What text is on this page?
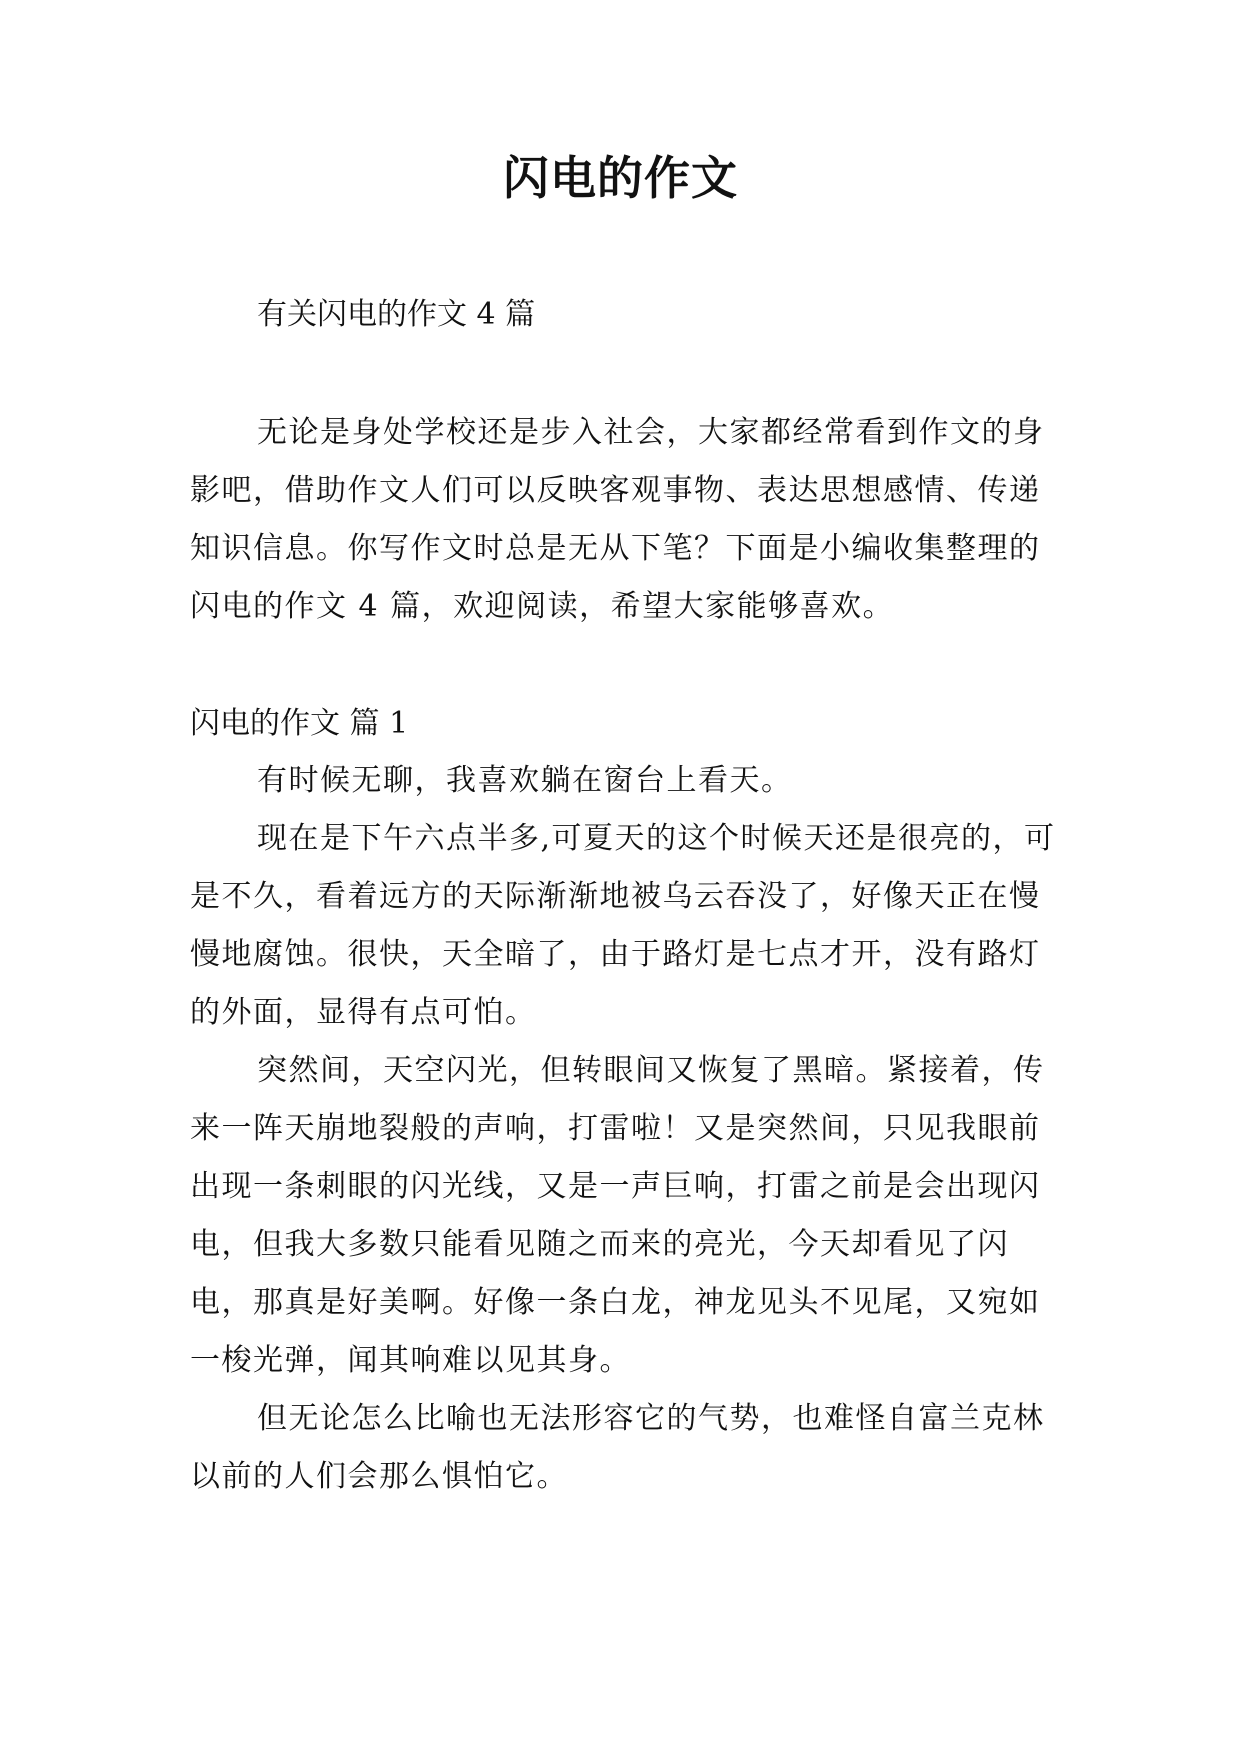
闪电的作文

有关闪电的作文 4 篇

无论是身处学校还是步入社会，大家都经常看到作文的身影吧，借助作文人们可以反映客观事物、表达思想感情、传递知识信息。你写作文时总是无从下笔？下面是小编收集整理的闪电的作文 4 篇，欢迎阅读，希望大家能够喜欢。

闪电的作文 篇 1

有时候无聊，我喜欢躺在窗台上看天。

现在是下午六点半多,可夏天的这个时候天还是很亮的，可是不久，看着远方的天际渐渐地被乌云吞没了，好像天正在慢慢地腐蚀。很快，天全暗了，由于路灯是七点才开，没有路灯的外面，显得有点可怕。

突然间，天空闪光，但转眼间又恢复了黑暗。紧接着，传来一阵天崩地裂般的声响，打雷啦！又是突然间，只见我眼前出现一条刺眼的闪光线，又是一声巨响，打雷之前是会出现闪电，但我大多数只能看见随之而来的亮光，今天却看见了闪电，那真是好美啊。好像一条白龙，神龙见头不见尾，又宛如一梭光弹，闻其响难以见其身。

但无论怎么比喻也无法形容它的气势，也难怪自富兰克林以前的人们会那么惧怕它。
